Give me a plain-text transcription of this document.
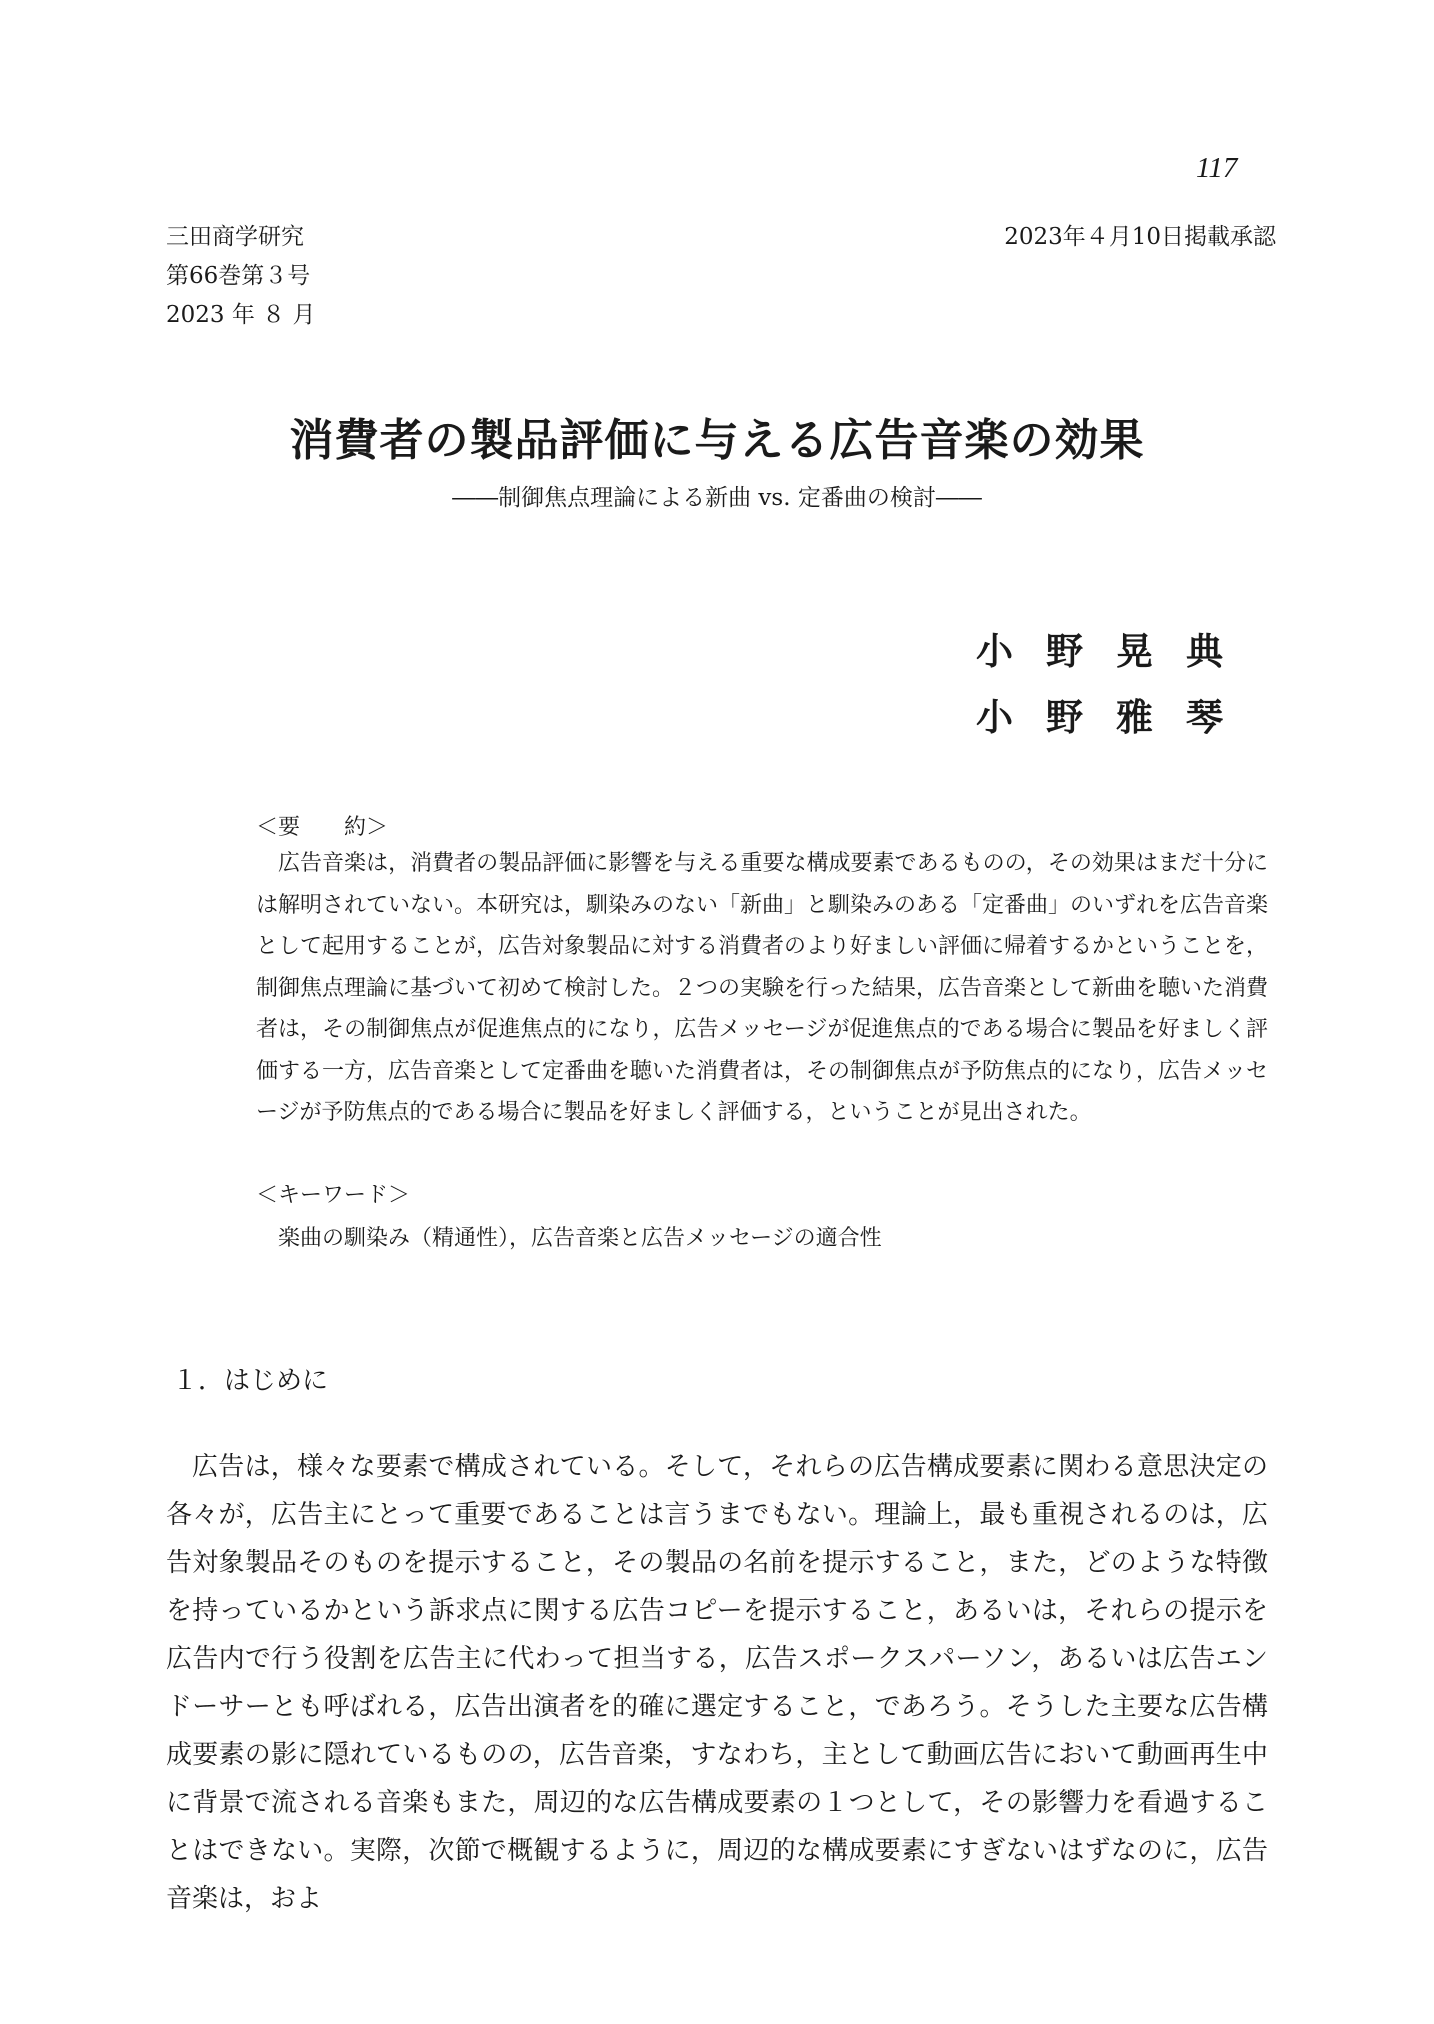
117
三田商学研究
第66巻第３号
2023 年 ８ 月
2023年４月10日掲載承認
消費者の製品評価に与える広告音楽の効果
――制御焦点理論による新曲 vs. 定番曲の検討――
小野晃典
小野雅琴
＜要　　約＞
広告音楽は，消費者の製品評価に影響を与える重要な構成要素であるものの，その効果はまだ十分には解明されていない。本研究は，馴染みのない「新曲」と馴染みのある「定番曲」のいずれを広告音楽として起用することが，広告対象製品に対する消費者のより好ましい評価に帰着するかということを，制御焦点理論に基づいて初めて検討した。２つの実験を行った結果，広告音楽として新曲を聴いた消費者は，その制御焦点が促進焦点的になり，広告メッセージが促進焦点的である場合に製品を好ましく評価する一方，広告音楽として定番曲を聴いた消費者は，その制御焦点が予防焦点的になり，広告メッセージが予防焦点的である場合に製品を好ましく評価する，ということが見出された。
＜キーワード＞
楽曲の馴染み（精通性），広告音楽と広告メッセージの適合性
１．はじめに
広告は，様々な要素で構成されている。そして，それらの広告構成要素に関わる意思決定の各々が，広告主にとって重要であることは言うまでもない。理論上，最も重視されるのは，広告対象製品そのものを提示すること，その製品の名前を提示すること，また，どのような特徴を持っているかという訴求点に関する広告コピーを提示すること，あるいは，それらの提示を広告内で行う役割を広告主に代わって担当する，広告スポークスパーソン，あるいは広告エンドーサーとも呼ばれる，広告出演者を的確に選定すること，であろう。そうした主要な広告構成要素の影に隠れているものの，広告音楽，すなわち，主として動画広告において動画再生中に背景で流される音楽もまた，周辺的な広告構成要素の１つとして，その影響力を看過することはできない。実際，次節で概観するように，周辺的な構成要素にすぎないはずなのに，広告音楽は，およ
